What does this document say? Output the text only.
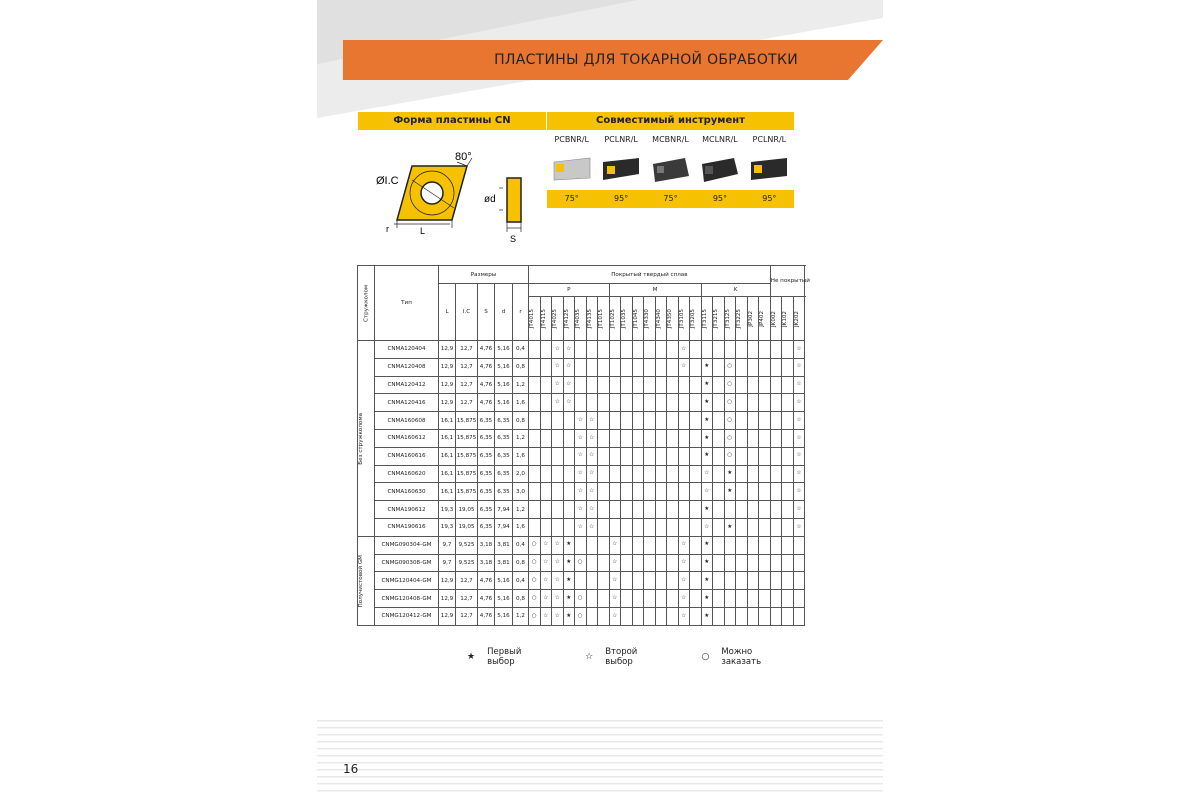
ПЛАСТИНЫ ДЛЯ ТОКАРНОЙ ОБРАБОТКИ
Форма пластины CN	Совместимый инструмент
80°
ØI.C
L
r
ød
S
PCBNR/L	PCLNR/L	MCBNR/L	MCLNR/L	PCLNR/L
75°	95°	75°	95°	95°
Стружколом	Тип	Размеры					Покрытый твердый сплав																					Не покрытый		
		L	I.C	S	d	r	P							M								K								

							JT4015	JT4115	JT4025	JT4125	JT4035	JT4135	JT1015	JT1025	JT1035	JT1045	JT4330	JT4340	JT4350	JT3105	JT3205	JT3115	JT3215	JT3125	JT3225	JP302	JP402	JK002	JK102	JK202

Без стружколома	CNMA120404	12,9	12,7	4,76	5,16	0,4			☆	☆										☆										☆
	CNMA120408	12,9	12,7	4,76	5,16	0,8			☆	☆										☆		★		○						☆
	CNMA120412	12,9	12,7	4,76	5,16	1,2			☆	☆												★		○						☆
	CNMA120416	12,9	12,7	4,76	5,16	1,6			☆	☆												★		○						☆
	CNMA160608	16,1	15,875	6,35	6,35	0,8					☆	☆										★		○						☆
	CNMA160612	16,1	15,875	6,35	6,35	1,2					☆	☆										★		○						☆
	CNMA160616	16,1	15,875	6,35	6,35	1,6					☆	☆										★		○						☆
	CNMA160620	16,1	15,875	6,35	6,35	2,0					☆	☆										☆		★						☆
	CNMA160630	16,1	15,875	6,35	6,35	3,0					☆	☆										☆		★						☆
	CNMA190612	19,3	19,05	6,35	7,94	1,2					☆	☆										★								☆
	CNMA190616	19,3	19,05	6,35	7,94	1,6					☆	☆										☆		★						☆

Получистовой GM	CNMG090304-GM	9,7	9,525	3,18	3,81	0,4	○	☆	☆	★				☆						☆		★								
	CNMG090308-GM	9,7	9,525	3,18	3,81	0,8	○	☆	☆	★	○			☆						☆		★								
	CNMG120404-GM	12,9	12,7	4,76	5,16	0,4	○	☆	☆	★				☆						☆		★								
	CNMG120408-GM	12,9	12,7	4,76	5,16	0,8	○	☆	☆	★	○			☆						☆		★								
	CNMG120412-GM	12,9	12,7	4,76	5,16	1,2	○	☆	☆	★	○			☆						☆		★								
★ Первый выбор	☆ Второй выбор	○ Можно заказать
16
